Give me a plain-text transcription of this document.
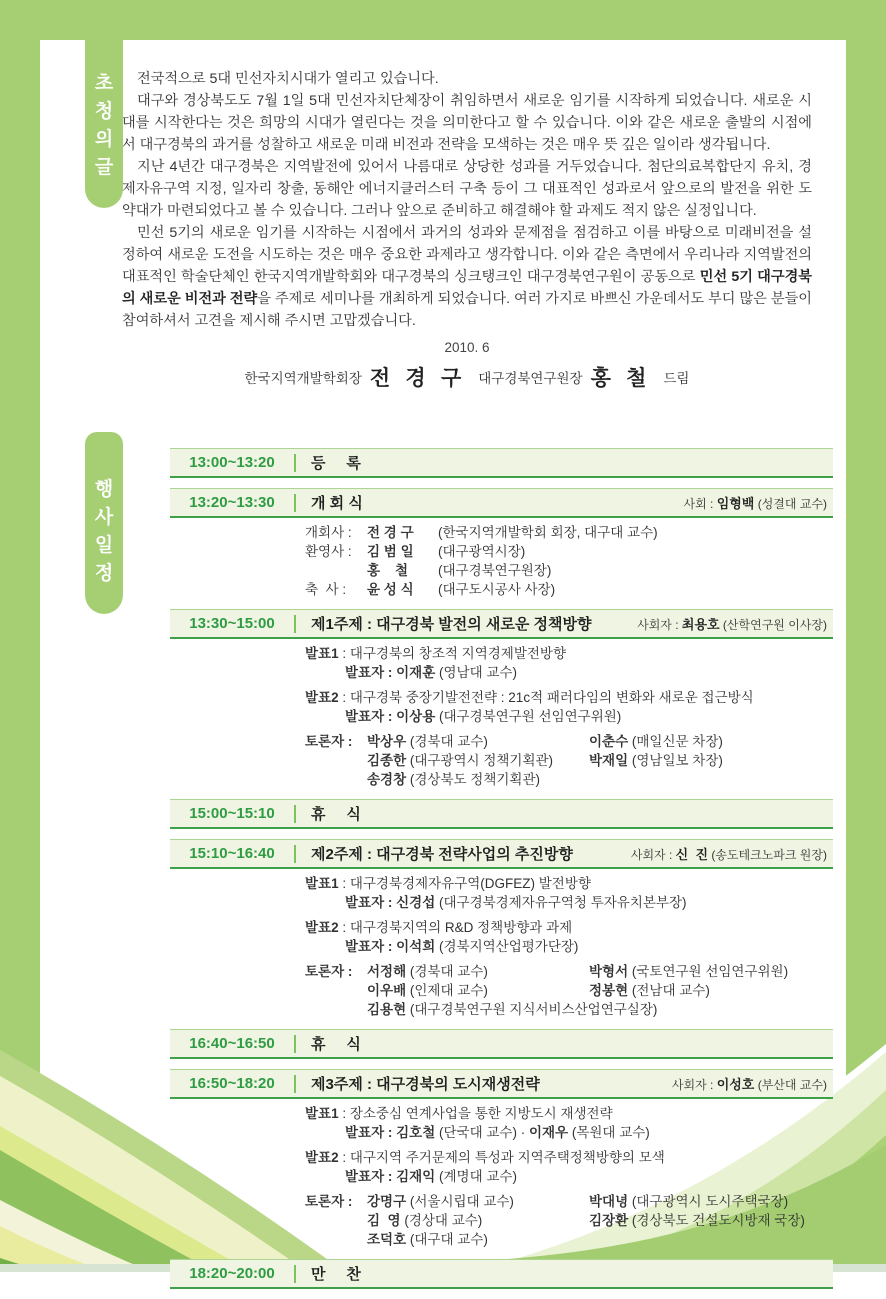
초
청
의
글
행
사
일
정

전국적으로 5대 민선자치시대가 열리고 있습니다.

대구와 경상북도도 7월 1일 5대 민선자치단체장이 취임하면서 새로운 임기를 시작하게 되었습니다. 새로운 시대를 시작한다는 것은 희망의 시대가 열린다는 것을 의미한다고 할 수 있습니다. 이와 같은 새로운 출발의 시점에서 대구경북의 과거를 성찰하고 새로운 미래 비전과 전략을 모색하는 것은 매우 뜻 깊은 일이라 생각됩니다.

지난 4년간 대구경북은 지역발전에 있어서 나름대로 상당한 성과를 거두었습니다. 첨단의료복합단지 유치, 경제자유구역 지정, 일자리 창출, 동해안 에너지클러스터 구축 등이 그 대표적인 성과로서 앞으로의 발전을 위한 도약대가 마련되었다고 볼 수 있습니다. 그러나 앞으로 준비하고 해결해야 할 과제도 적지 않은 실정입니다.

민선 5기의 새로운 임기를 시작하는 시점에서 과거의 성과와 문제점을 점검하고 이를 바탕으로 미래비전을 설정하여 새로운 도전을 시도하는 것은 매우 중요한 과제라고 생각합니다. 이와 같은 측면에서 우리나라 지역발전의 대표적인 학술단체인 한국지역개발학회와 대구경북의 싱크탱크인 대구경북연구원이 공동으로 민선 5기 대구경북의 새로운 비전과 전략을 주제로 세미나를 개최하게 되었습니다. 여러 가지로 바쁘신 가운데서도 부디 많은 분들이 참여하셔서 고견을 제시해 주시면 고맙겠습니다.

2010. 6
한국지역개발학회장 전 경 구 대구경북연구원장 홍 철 드림
13:00~13:20	등     록
13:20~13:30	개 회 식	사회 : 임형백 (성결대 교수)
개회사 : 전 경 구	(한국지역개발학회 회장, 대구대 교수)
환영사 : 김 범 일	(대구광역시장)
홍    철	(대구경북연구원장)
축  사 :	윤 성 식	(대구도시공사 사장)
13:30~15:00	제1주제 : 대구경북 발전의 새로운 정책방향	사회자 : 최용호 (산학연구원 이사장)
발표1 : 대구경북의 창조적 지역경제발전방향
발표자 : 이재훈 (영남대 교수)
발표2 : 대구경북 중장기발전전략 : 21c적 패러다임의 변화와 새로운 접근방식
발표자 : 이상용 (대구경북연구원 선임연구위원)
토론자 : 박상우 (경북대 교수)	이춘수 (매일신문 차장)
김종한 (대구광역시 정책기획관)	박재일 (영남일보 차장)
송경창 (경상북도 정책기획관)
15:00~15:10	휴     식
15:10~16:40	제2주제 : 대구경북 전략사업의 추진방향	사회자 : 신  진 (송도테크노파크 원장)
발표1 : 대구경북경제자유구역(DGFEZ) 발전방향
발표자 : 신경섭 (대구경북경제자유구역청 투자유치본부장)
발표2 : 대구경북지역의 R&D 정책방향과 과제
발표자 : 이석희 (경북지역산업평가단장)
토론자 : 서정해 (경북대 교수)	박형서 (국토연구원 선임연구위원)
이우배 (인제대 교수)	정봉현 (전남대 교수)
김용현 (대구경북연구원 지식서비스산업연구실장)
16:40~16:50	휴     식
16:50~18:20	제3주제 : 대구경북의 도시재생전략	사회자 : 이성호 (부산대 교수)
발표1 : 장소중심 연계사업을 통한 지방도시 재생전략
발표자 : 김호철 (단국대 교수) · 이재우 (목원대 교수)
발표2 : 대구지역 주거문제의 특성과 지역주택정책방향의 모색
발표자 : 김재익 (계명대 교수)
토론자 : 강명구 (서울시립대 교수)	박대녕 (대구광역시 도시주택국장)
김  영 (경상대 교수)	김장환 (경상북도 건설도시방재 국장)
조덕호 (대구대 교수)
18:20~20:00	만     찬
